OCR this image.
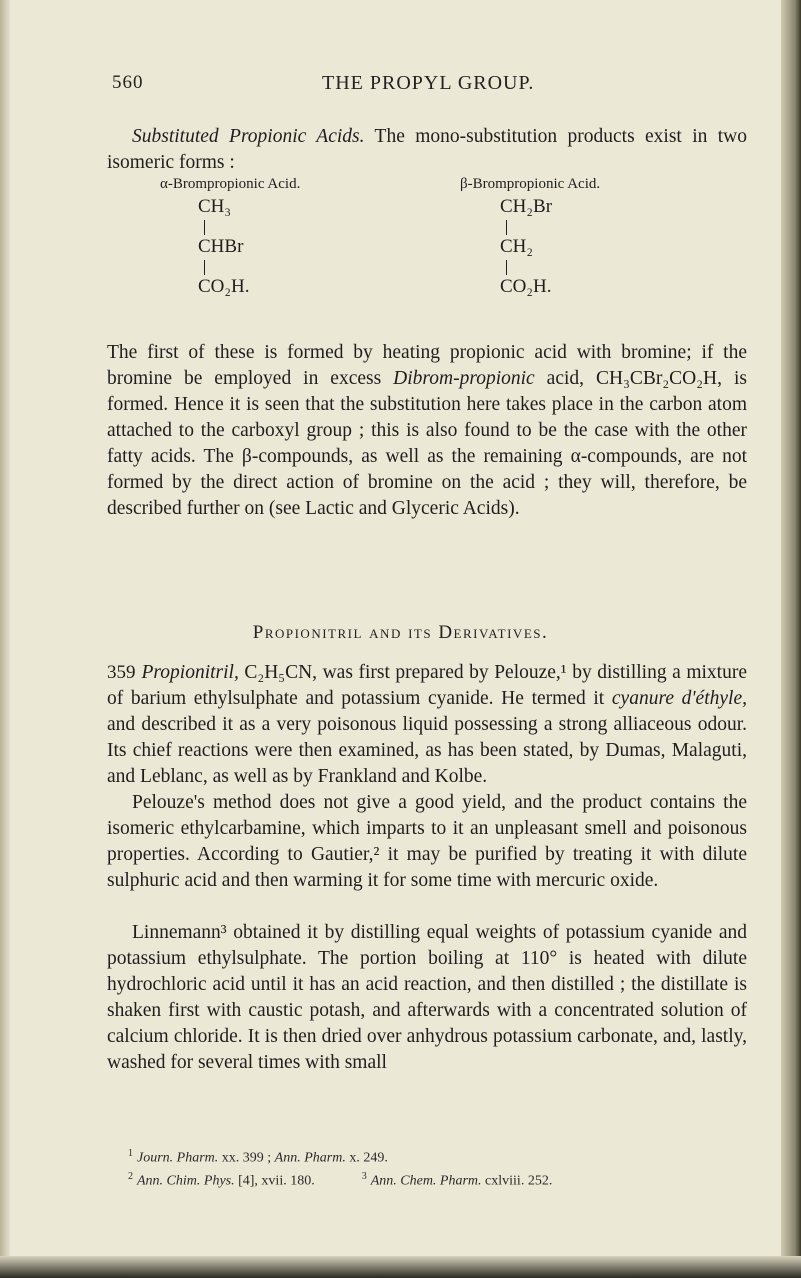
560	THE PROPYL GROUP.
Substituted Propionic Acids. The mono-substitution products exist in two isomeric forms :
α-Brompropionic Acid.
CH₃
CHBr
CO₂H.
β-Brompropionic Acid.
CH₂Br
CH₂
CO₂H.
The first of these is formed by heating propionic acid with bromine; if the bromine be employed in excess Dibrom-propionic acid, CH₃CBr₂CO₂H, is formed. Hence it is seen that the substitution here takes place in the carbon atom attached to the carboxyl group ; this is also found to be the case with the other fatty acids. The β-compounds, as well as the remaining α-compounds, are not formed by the direct action of bromine on the acid ; they will, therefore, be described further on (see Lactic and Glyceric Acids).
Propionitril and its Derivatives.
359 Propionitril, C₂H₅CN, was first prepared by Pelouze,¹ by distilling a mixture of barium ethylsulphate and potassium cyanide. He termed it cyanure d'éthyle, and described it as a very poisonous liquid possessing a strong alliaceous odour. Its chief reactions were then examined, as has been stated, by Dumas, Malaguti, and Leblanc, as well as by Frankland and Kolbe.
Pelouze's method does not give a good yield, and the product contains the isomeric ethylcarbamine, which imparts to it an unpleasant smell and poisonous properties. According to Gautier,² it may be purified by treating it with dilute sulphuric acid and then warming it for some time with mercuric oxide.
Linnemann³ obtained it by distilling equal weights of potassium cyanide and potassium ethylsulphate. The portion boiling at 110° is heated with dilute hydrochloric acid until it has an acid reaction, and then distilled ; the distillate is shaken first with caustic potash, and afterwards with a concentrated solution of calcium chloride. It is then dried over anhydrous potassium carbonate, and, lastly, washed for several times with small
$^1$ Journ. Pharm. xx. 399 ; Ann. Pharm. x. 249.
$^2$ Ann. Chim. Phys. [4], xvii. 180.	$^3$ Ann. Chem. Pharm. cxlviii. 252.
